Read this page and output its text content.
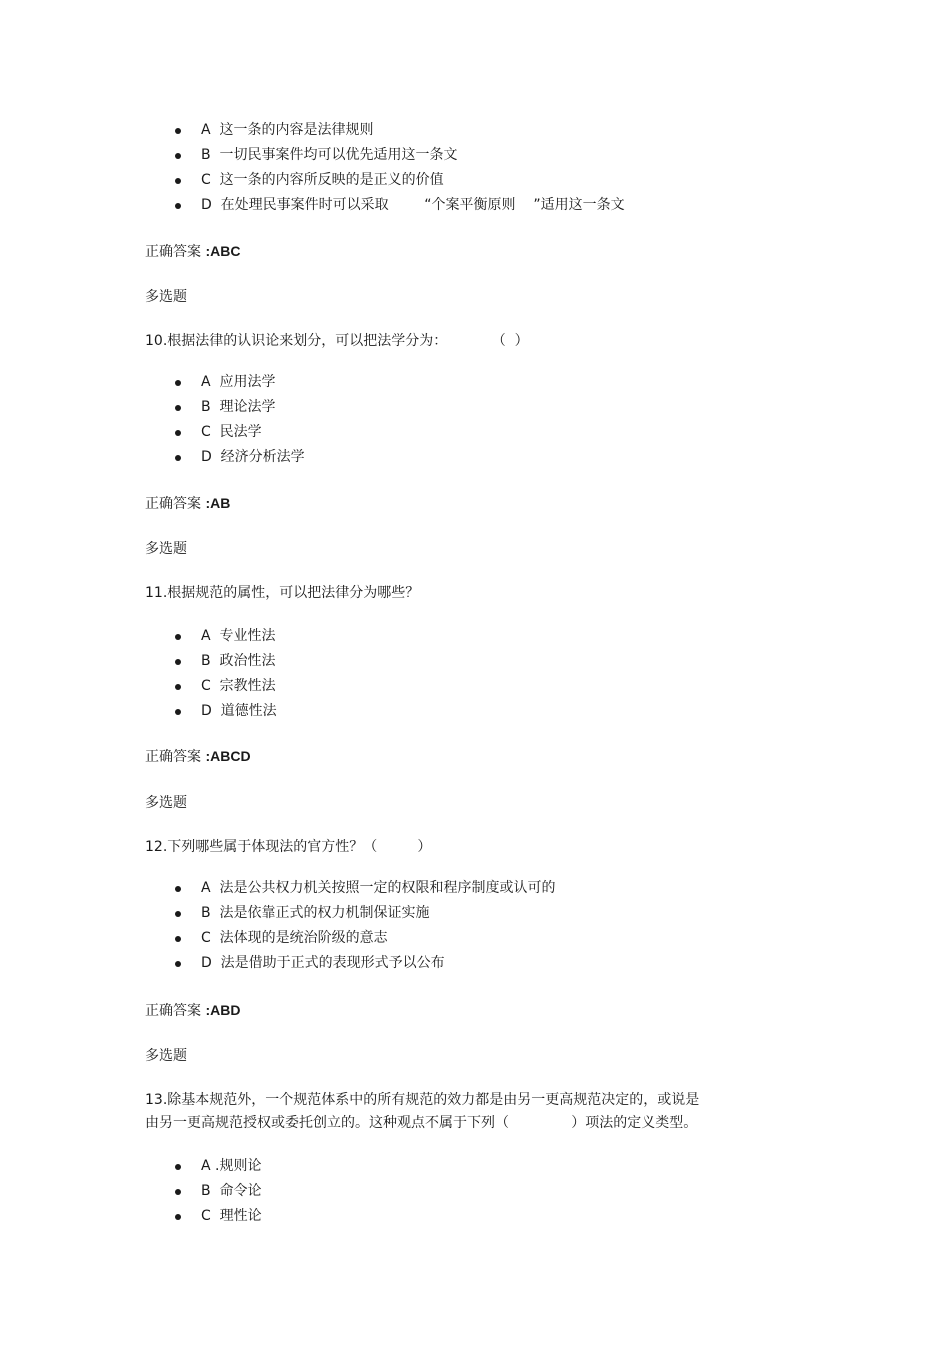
A  这一条的内容是法律规则
B  一切民事案件均可以优先适用这一条文
C  这一条的内容所反映的是正义的价值
D  在处理民事案件时可以采取        “个案平衡原则    ”适用这一条文
正确答案 :ABC
多选题
10.根据法律的认识论来划分，可以把法学分为：          （  ）
A  应用法学
B  理论法学
C  民法学
D  经济分析法学
正确答案 :AB
多选题
11.根据规范的属性，可以把法律分为哪些？
A  专业性法
B  政治性法
C  宗教性法
D  道德性法
正确答案 :ABCD
多选题
12.下列哪些属于体现法的官方性？（         ）
A  法是公共权力机关按照一定的权限和程序制度或认可的
B  法是依靠正式的权力机制保证实施
C  法体现的是统治阶级的意志
D  法是借助于正式的表现形式予以公布
正确答案 :ABD
多选题
13.除基本规范外，一个规范体系中的所有规范的效力都是由另一更高规范决定的，或说是
由另一更高规范授权或委托创立的。这种观点不属于下列（              ）项法的定义类型。
A .规则论
B  命令论
C  理性论
